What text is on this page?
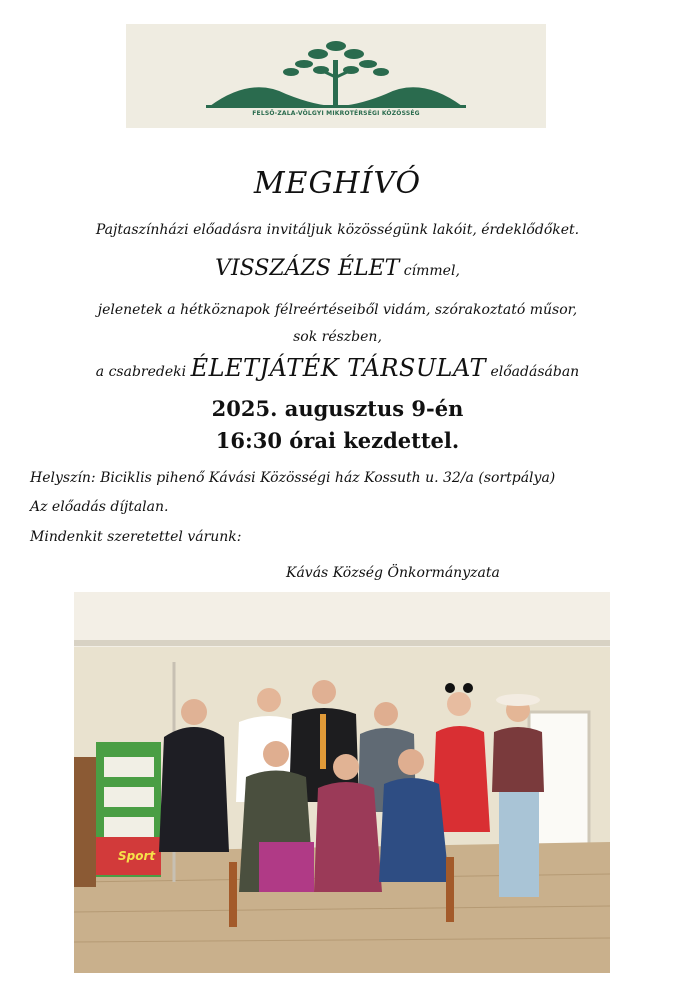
FELSŐ-ZALA-VÖLGYI MIKROTÉRSÉGI KÖZÖSSÉG
MEGHÍVÓ
Pajtaszínházi előadásra invitáljuk közösségünk lakóit, érdeklődőket.
VISSZÁZS ÉLET címmel,
jelenetek a hétköznapok félreértéseiből vidám, szórakoztató műsor,
sok részben,
a csabredeki ÉLETJÁTÉK TÁRSULAT előadásában
2025. augusztus 9-én
16:30 órai kezdettel.
Helyszín: Biciklis pihenő Kávási Közösségi ház Kossuth u. 32/a (sortpálya)
Az előadás díjtalan.
Mindenkit szeretettel várunk:
Kávás Község Önkormányzata
Sport
